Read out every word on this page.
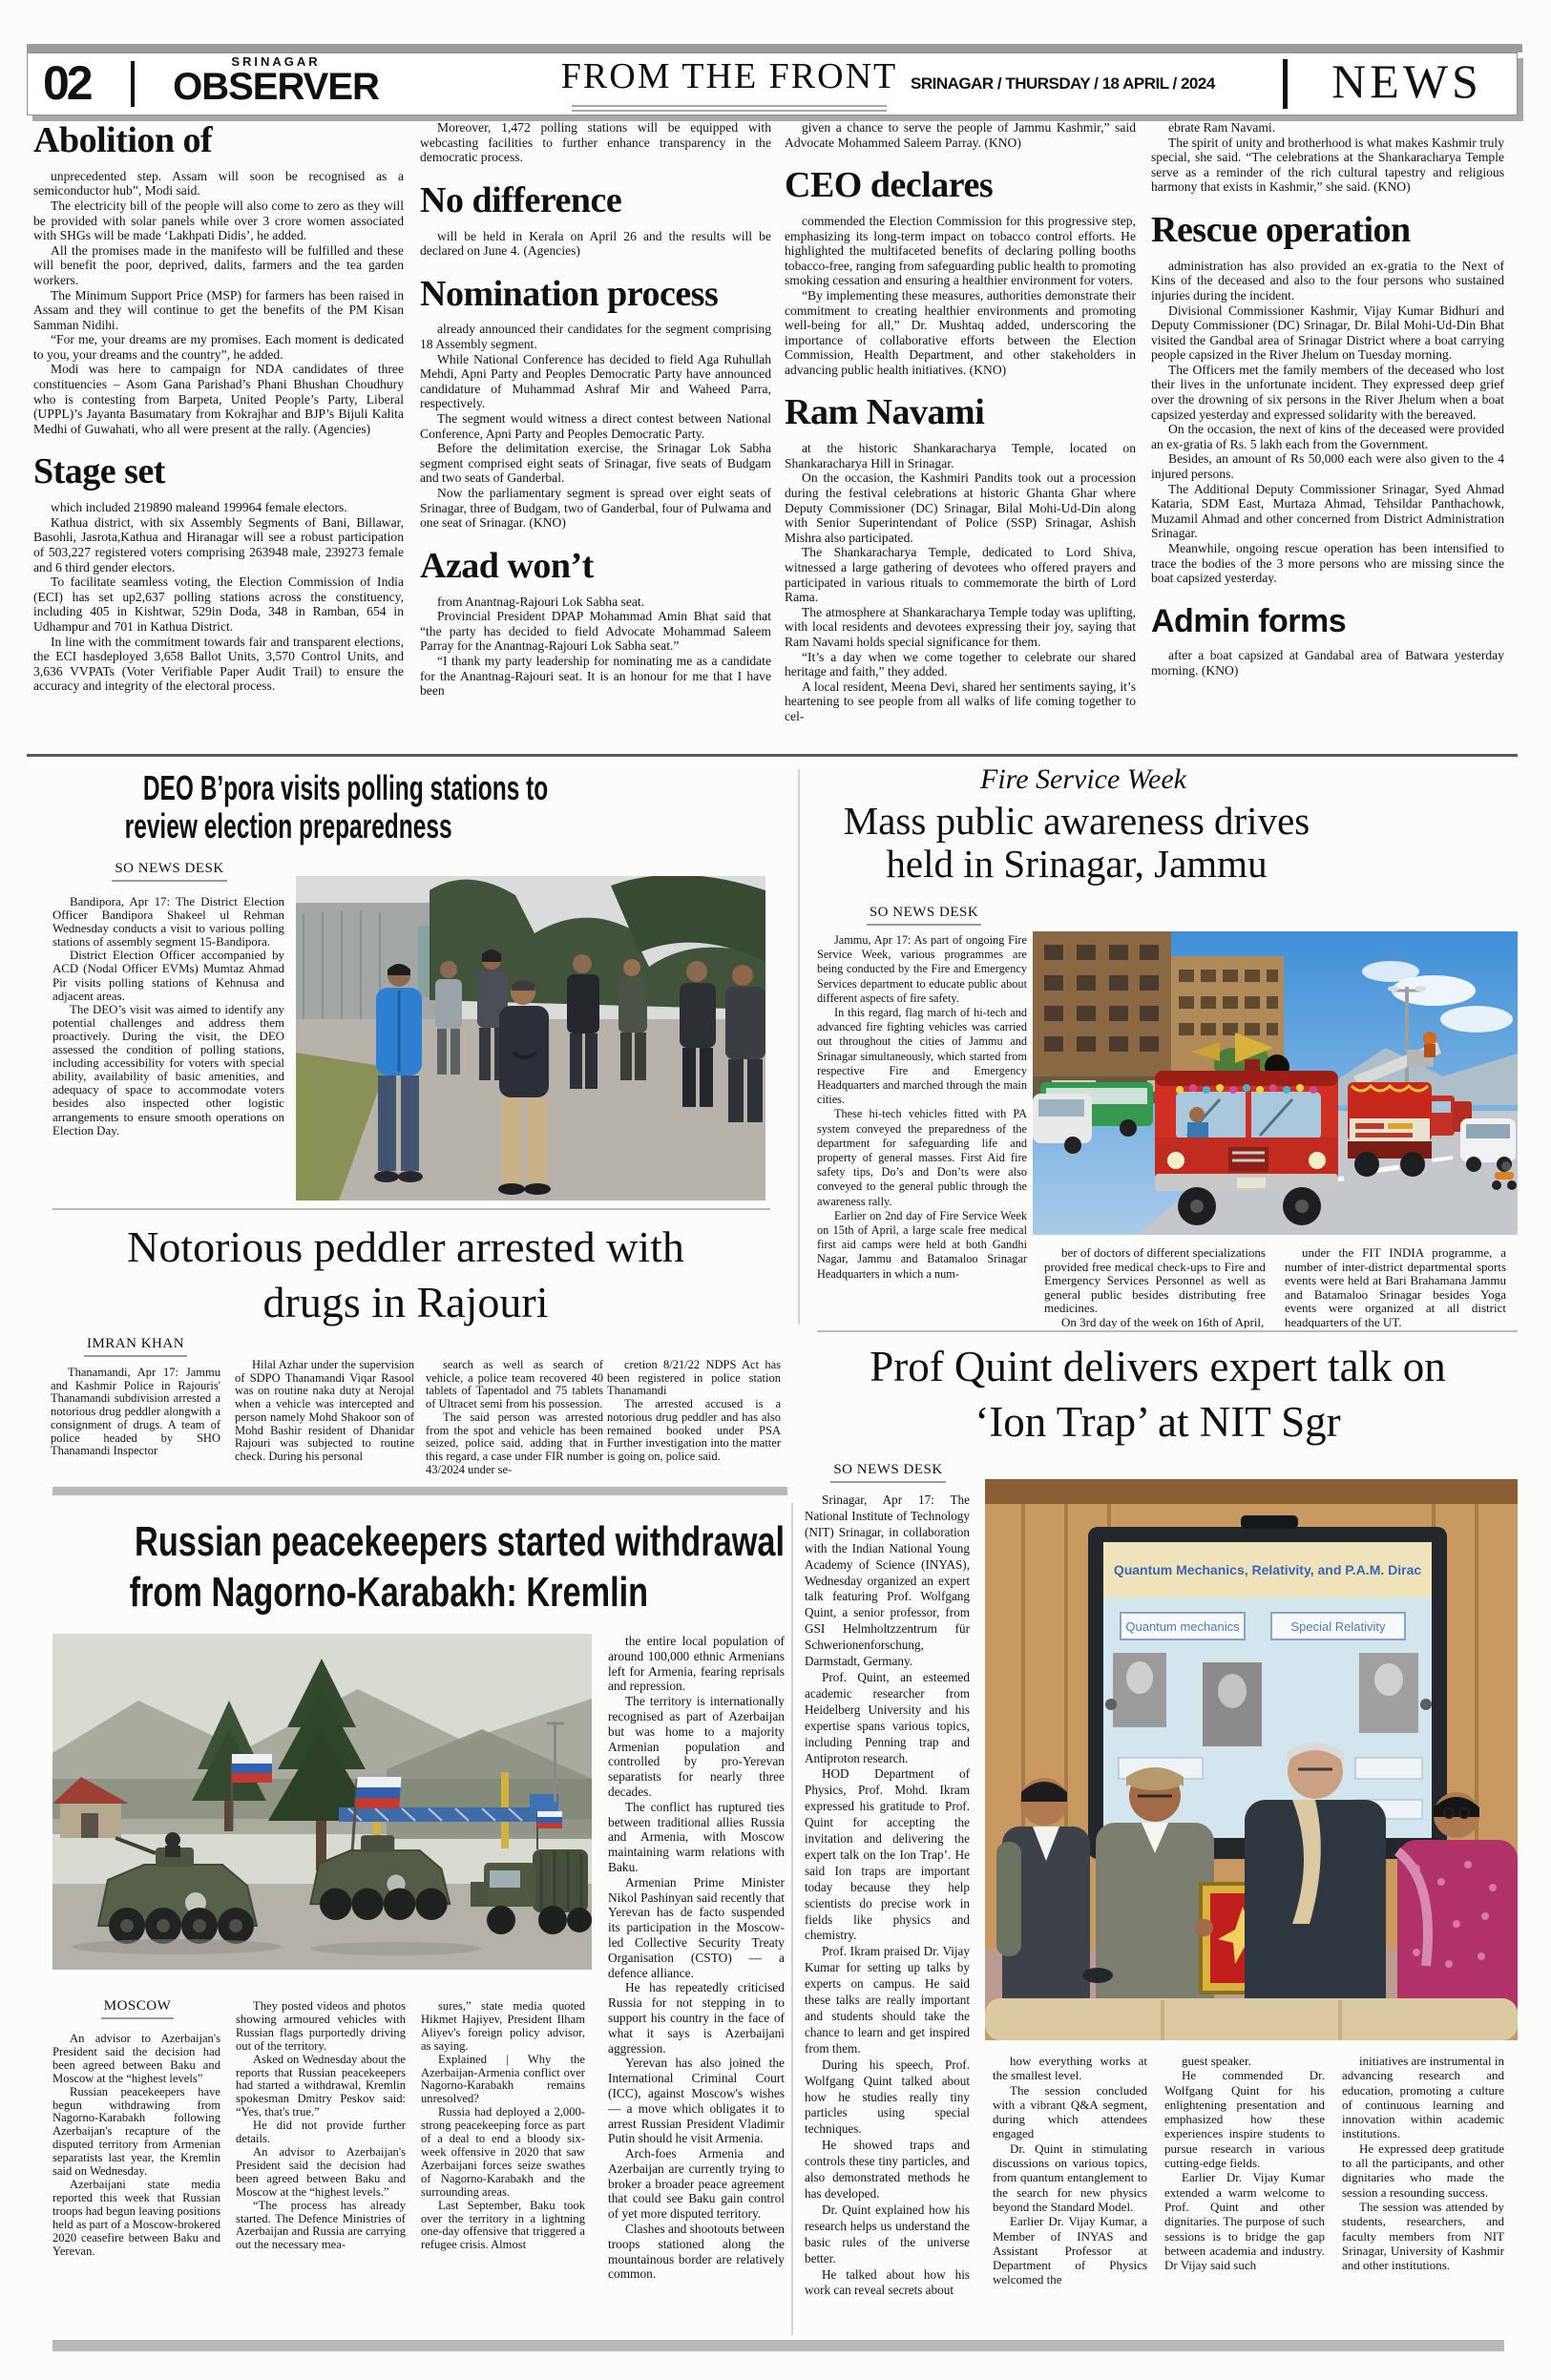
02	SRINAGAR
OBSERVER	FROM THE FRONT SRINAGAR / THURSDAY / 18 APRIL / 2024	NEWS
Abolition of

unprecedented step. Assam will soon be recognised as a semiconductor hub”, Modi said.

The electricity bill of the people will also come to zero as they will be provided with solar panels while over 3 crore women associated with SHGs will be made ‘Lakhpati Didis’, he added.

All the promises made in the manifesto will be fulfilled and these will benefit the poor, deprived, dalits, farmers and the tea garden workers.

The Minimum Support Price (MSP) for farmers has been raised in Assam and they will continue to get the benefits of the PM Kisan Samman Nidihi.

“For me, your dreams are my promises. Each moment is dedicated to you, your dreams and the country”, he added.

Modi was here to campaign for NDA candidates of three constituencies – Asom Gana Parishad’s Phani Bhushan Choudhury who is contesting from Barpeta, United People’s Party, Liberal (UPPL)’s Jayanta Basumatary from Kokrajhar and BJP’s Bijuli Kalita Medhi of Guwahati, who all were present at the rally. (Agencies)

Stage set

which included 219890 maleand 199964 female electors.

Kathua district, with six Assembly Segments of Bani, Billawar, Basohli, Jasrota,Kathua and Hiranagar will see a robust participation of 503,227 registered voters comprising 263948 male, 239273 female and 6 third gender electors.

To facilitate seamless voting, the Election Commission of India (ECI) has set up2,637 polling stations across the constituency, including 405 in Kishtwar, 529in Doda, 348 in Ramban, 654 in Udhampur and 701 in Kathua District.

In line with the commitment towards fair and transparent elections, the ECI hasdeployed 3,658 Ballot Units, 3,570 Control Units, and 3,636 VVPATs (Voter Verifiable Paper Audit Trail) to ensure the accuracy and integrity of the electoral process.

Moreover, 1,472 polling stations will be equipped with webcasting facilities to further enhance transparency in the democratic process.

No difference

will be held in Kerala on April 26 and the results will be declared on June 4. (Agencies)

Nomination process

already announced their candidates for the segment comprising 18 Assembly segment.

While National Conference has decided to field Aga Ruhullah Mehdi, Apni Party and Peoples Democratic Party have announced candidature of Muhammad Ashraf Mir and Waheed Parra, respectively.

The segment would witness a direct contest between National Conference, Apni Party and Peoples Democratic Party.

Before the delimitation exercise, the Srinagar Lok Sabha segment comprised eight seats of Srinagar, five seats of Budgam and two seats of Ganderbal.

Now the parliamentary segment is spread over eight seats of Srinagar, three of Budgam, two of Ganderbal, four of Pulwama and one seat of Srinagar. (KNO)

Azad won’t

from Anantnag-Rajouri Lok Sabha seat.

Provincial President DPAP Mohammad Amin Bhat said that “the party has decided to field Advocate Mohammad Saleem Parray for the Anantnag-Rajouri Lok Sabha seat.”

“I thank my party leadership for nominating me as a candidate for the Anantnag-Rajouri seat. It is an honour for me that I have been

given a chance to serve the people of Jammu Kashmir,” said Advocate Mohammed Saleem Parray. (KNO)

CEO declares

commended the Election Commission for this progressive step, emphasizing its long-term impact on tobacco control efforts. He highlighted the multifaceted benefits of declaring polling booths tobacco-free, ranging from safeguarding public health to promoting smoking cessation and ensuring a healthier environment for voters.

“By implementing these measures, authorities demonstrate their commitment to creating healthier environments and promoting well-being for all,” Dr. Mushtaq added, underscoring the importance of collaborative efforts between the Election Commission, Health Department, and other stakeholders in advancing public health initiatives. (KNO)

Ram Navami

at the historic Shankaracharya Temple, located on Shankaracharya Hill in Srinagar.

On the occasion, the Kashmiri Pandits took out a procession during the festival celebrations at historic Ghanta Ghar where Deputy Commissioner (DC) Srinagar, Bilal Mohi-Ud-Din along with Senior Superintendant of Police (SSP) Srinagar, Ashish Mishra also participated.

The Shankaracharya Temple, dedicated to Lord Shiva, witnessed a large gathering of devotees who offered prayers and participated in various rituals to commemorate the birth of Lord Rama.

The atmosphere at Shankaracharya Temple today was uplifting, with local residents and devotees expressing their joy, saying that Ram Navami holds special significance for them.

“It’s a day when we come together to celebrate our shared heritage and faith,” they added.

A local resident, Meena Devi, shared her sentiments saying, it’s heartening to see people from all walks of life coming together to cel-

ebrate Ram Navami.

The spirit of unity and brotherhood is what makes Kashmir truly special, she said. “The celebrations at the Shankaracharya Temple serve as a reminder of the rich cultural tapestry and religious harmony that exists in Kashmir,” she said. (KNO)

Rescue operation

administration has also provided an ex-gratia to the Next of Kins of the deceased and also to the four persons who sustained injuries during the incident.

Divisional Commissioner Kashmir, Vijay Kumar Bidhuri and Deputy Commissioner (DC) Srinagar, Dr. Bilal Mohi-Ud-Din Bhat visited the Gandbal area of Srinagar District where a boat carrying people capsized in the River Jhelum on Tuesday morning.

The Officers met the family members of the deceased who lost their lives in the unfortunate incident. They expressed deep grief over the drowning of six persons in the River Jhelum when a boat capsized yesterday and expressed solidarity with the bereaved.

On the occasion, the next of kins of the deceased were provided an ex-gratia of Rs. 5 lakh each from the Government.

Besides, an amount of Rs 50,000 each were also given to the 4 injured persons.

The Additional Deputy Commissioner Srinagar, Syed Ahmad Kataria, SDM East, Murtaza Ahmad, Tehsildar Panthachowk, Muzamil Ahmad and other concerned from District Administration Srinagar.

Meanwhile, ongoing rescue operation has been intensified to trace the bodies of the 3 more persons who are missing since the boat capsized yesterday.

Admin forms

after a boat capsized at Gandabal area of Batwara yesterday morning. (KNO)

DEO B’pora visits polling stations to
review election preparedness
SO NEWS DESK

Bandipora, Apr 17: The District Election Officer Bandipora Shakeel ul Rehman Wednesday conducts a visit to various polling stations of assembly segment 15-Bandipora.

District Election Officer accompanied by ACD (Nodal Officer EVMs) Mumtaz Ahmad Pir visits polling stations of Kehnusa and adjacent areas.

The DEO’s visit was aimed to identify any potential challenges and address them proactively. During the visit, the DEO assessed the condition of polling stations, including accessibility for voters with special ability, availability of basic amenities, and adequacy of space to accommodate voters besides also inspected other logistic arrangements to ensure smooth operations on Election Day.

Fire Service Week
Mass public awareness drives
held in Srinagar, Jammu
SO NEWS DESK

Jammu, Apr 17: As part of ongoing Fire Service Week, various programmes are being conducted by the Fire and Emergency Services department to educate public about different aspects of fire safety.

In this regard, flag march of hi-tech and advanced fire fighting vehicles was carried out throughout the cities of Jammu and Srinagar simultaneously, which started from respective Fire and Emergency Headquarters and marched through the main cities.

These hi-tech vehicles fitted with PA system conveyed the preparedness of the department for safeguarding life and property of general masses. First Aid fire safety tips, Do’s and Don’ts were also conveyed to the general public through the awareness rally.

Earlier on 2nd day of Fire Service Week on 15th of April, a large scale free medical first aid camps were held at both Gandhi Nagar, Jammu and Batamaloo Srinagar Headquarters in which a num-

ber of doctors of different specializations provided free medical check-ups to Fire and Emergency Services Personnel as well as general public besides distributing free medicines.

On 3rd day of the week on 16th of April,

under the FIT INDIA programme, a number of inter-district departmental sports events were held at Bari Brahamana Jammu and Batamaloo Srinagar besides Yoga events were organized at all district headquarters of the UT.

Notorious peddler arrested with
drugs in Rajouri
IMRAN KHAN

Thanamandi, Apr 17: Jammu and Kashmir Police in Rajouris' Thanamandi subdivision arrested a notorious drug peddler alongwith a consignment of drugs. A team of police headed by SHO Thanamandi Inspector

Hilal Azhar under the supervision of SDPO Thanamandi Viqar Rasool was on routine naka duty at Nerojal when a vehicle was intercepted and person namely Mohd Shakoor son of Mohd Bashir resident of Dhanidar Rajouri was subjected to routine check. During his personal

search as well as search of vehicle, a police team recovered 40 tablets of Tapentadol and 75 tablets of Ultracet semi from his possession.

The said person was arrested from the spot and vehicle has been seized, police said, adding that in this regard, a case under FIR number 43/2024 under se-

cretion 8/21/22 NDPS Act has been registered in police station Thanamandi

The arrested accused is a notorious drug peddler and has also remained booked under PSA Further investigation into the matter is going on, police said.

Russian peacekeepers started withdrawal
from Nagorno-Karabakh: Kremlin

the entire local population of around 100,000 ethnic Armenians left for Armenia, fearing reprisals and repression.

The territory is internationally recognised as part of Azerbaijan but was home to a majority Armenian population and controlled by pro-Yerevan separatists for nearly three decades.

The conflict has ruptured ties between traditional allies Russia and Armenia, with Moscow maintaining warm relations with Baku.

Armenian Prime Minister Nikol Pashinyan said recently that Yerevan has de facto suspended its participation in the Moscow-led Collective Security Treaty Organisation (CSTO) — a defence alliance.

He has repeatedly criticised Russia for not stepping in to support his country in the face of what it says is Azerbaijani aggression.

Yerevan has also joined the International Criminal Court (ICC), against Moscow's wishes — a move which obligates it to arrest Russian President Vladimir Putin should he visit Armenia.

Arch-foes Armenia and Azerbaijan are currently trying to broker a broader peace agreement that could see Baku gain control of yet more disputed territory.

Clashes and shootouts between troops stationed along the mountainous border are relatively common.

MOSCOW

An advisor to Azerbaijan's President said the decision had been agreed between Baku and Moscow at the “highest levels”

Russian peacekeepers have begun withdrawing from Nagorno-Karabakh following Azerbaijan's recapture of the disputed territory from Armenian separatists last year, the Kremlin said on Wednesday.

Azerbaijani state media reported this week that Russian troops had begun leaving positions held as part of a Moscow-brokered 2020 ceasefire between Baku and Yerevan.

They posted videos and photos showing armoured vehicles with Russian flags purportedly driving out of the territory.

Asked on Wednesday about the reports that Russian peacekeepers had started a withdrawal, Kremlin spokesman Dmitry Peskov said: “Yes, that's true.”

He did not provide further details.

An advisor to Azerbaijan's President said the decision had been agreed between Baku and Moscow at the “highest levels.”

“The process has already started. The Defence Ministries of Azerbaijan and Russia are carrying out the necessary mea-

sures,” state media quoted Hikmet Hajiyev, President Ilham Aliyev's foreign policy advisor, as saying.

Explained | Why the Azerbaijan-Armenia conflict over Nagorno-Karabakh remains unresolved?

Russia had deployed a 2,000-strong peacekeeping force as part of a deal to end a bloody six-week offensive in 2020 that saw Azerbaijani forces seize swathes of Nagorno-Karabakh and the surrounding areas.

Last September, Baku took over the territory in a lightning one-day offensive that triggered a refugee crisis. Almost

Prof Quint delivers expert talk on
‘Ion Trap’ at NIT Sgr
SO NEWS DESK

Srinagar, Apr 17: The National Institute of Technology (NIT) Srinagar, in collaboration with the Indian National Young Academy of Science (INYAS), Wednesday organized an expert talk featuring Prof. Wolfgang Quint, a senior professor, from GSI Helmholtzzentrum für Schwerionenforschung, Darmstadt, Germany.

Prof. Quint, an esteemed academic researcher from Heidelberg University and his expertise spans various topics, including Penning trap and Antiproton research.

HOD Department of Physics, Prof. Mohd. Ikram expressed his gratitude to Prof. Quint for accepting the invitation and delivering the expert talk on the Ion Trap’. He said Ion traps are important today because they help scientists do precise work in fields like physics and chemistry.

Prof. Ikram praised Dr. Vijay Kumar for setting up talks by experts on campus. He said these talks are really important and students should take the chance to learn and get inspired from them.

During his speech, Prof. Wolfgang Quint talked about how he studies really tiny particles using special techniques.

He showed traps and controls these tiny particles, and also demonstrated methods he has developed.

Dr. Quint explained how his research helps us understand the basic rules of the universe better.

He talked about how his work can reveal secrets about

Quantum Mechanics, Relativity, and P.A.M. Dirac
Quantum mechanics	Special Relativity

how everything works at the smallest level.

The session concluded with a vibrant Q&A segment, during which attendees engaged

Dr. Quint in stimulating discussions on various topics, from quantum entanglement to the search for new physics beyond the Standard Model.

Earlier Dr. Vijay Kumar, a Member of INYAS and Assistant Professor at Department of Physics welcomed the

guest speaker.

He commended Dr. Wolfgang Quint for his enlightening presentation and emphasized how these experiences inspire students to pursue research in various cutting-edge fields.

Earlier Dr. Vijay Kumar extended a warm welcome to Prof. Quint and other dignitaries. The purpose of such sessions is to bridge the gap between academia and industry. Dr Vijay said such

initiatives are instrumental in advancing research and education, promoting a culture of continuous learning and innovation within academic institutions.

He expressed deep gratitude to all the participants, and other dignitaries who made the session a resounding success.

The session was attended by students, researchers, and faculty members from NIT Srinagar, University of Kashmir and other institutions.
